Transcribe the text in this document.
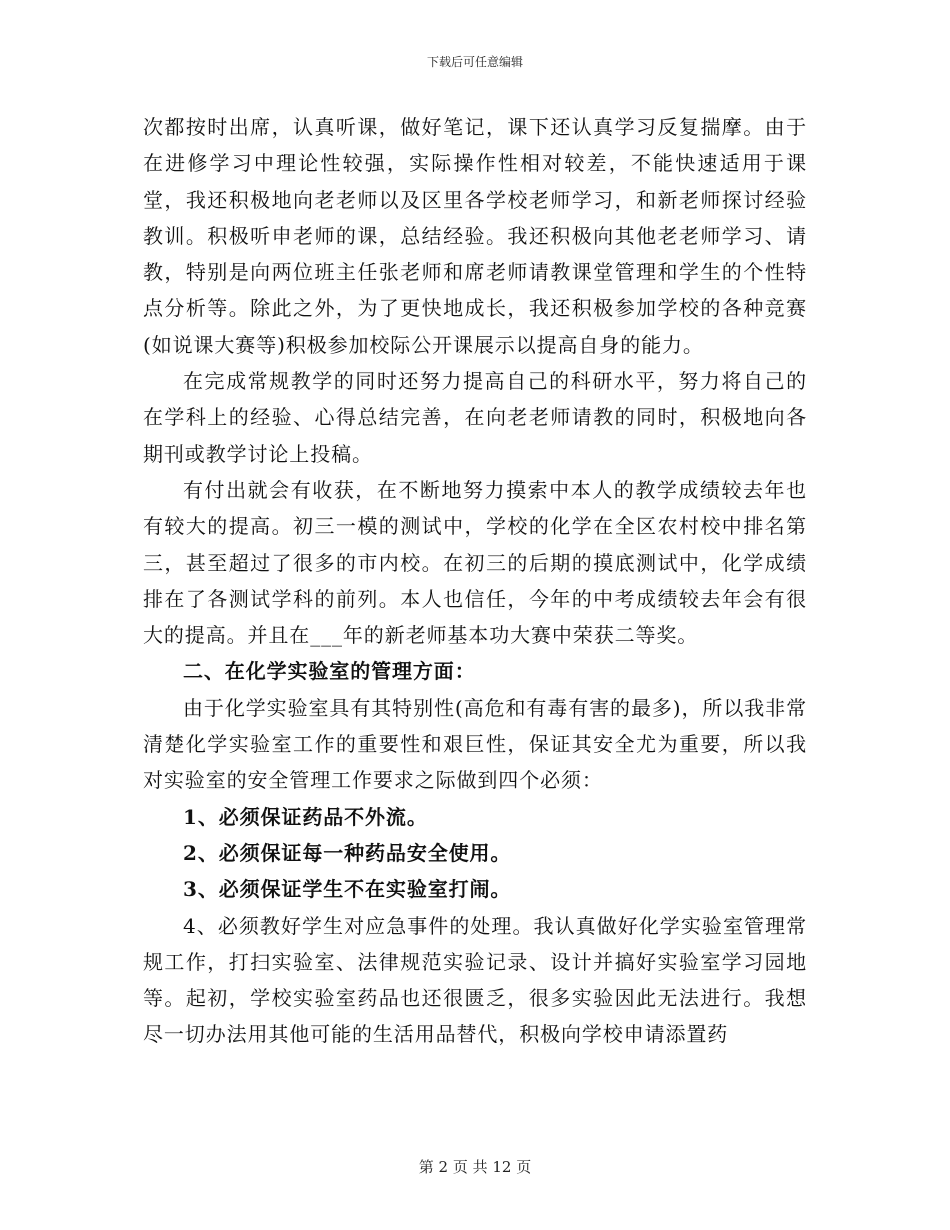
下载后可任意编辑

次都按时出席，认真听课，做好笔记，课下还认真学习反复揣摩。由于在进修学习中理论性较强，实际操作性相对较差，不能快速适用于课堂，我还积极地向老老师以及区里各学校老师学习，和新老师探讨经验教训。积极听申老师的课，总结经验。我还积极向其他老老师学习、请教，特别是向两位班主任张老师和席老师请教课堂管理和学生的个性特点分析等。除此之外，为了更快地成长，我还积极参加学校的各种竞赛(如说课大赛等)积极参加校际公开课展示以提高自身的能力。

在完成常规教学的同时还努力提高自己的科研水平，努力将自己的在学科上的经验、心得总结完善，在向老老师请教的同时，积极地向各期刊或教学讨论上投稿。

有付出就会有收获，在不断地努力摸索中本人的教学成绩较去年也有较大的提高。初三一模的测试中，学校的化学在全区农村校中排名第三，甚至超过了很多的市内校。在初三的后期的摸底测试中，化学成绩排在了各测试学科的前列。本人也信任，今年的中考成绩较去年会有很大的提高。并且在___年的新老师基本功大赛中荣获二等奖。

二、在化学实验室的管理方面：

由于化学实验室具有其特别性(高危和有毒有害的最多)，所以我非常清楚化学实验室工作的重要性和艰巨性，保证其安全尤为重要，所以我对实验室的安全管理工作要求之际做到四个必须：

1、必须保证药品不外流。

2、必须保证每一种药品安全使用。

3、必须保证学生不在实验室打闹。

4、必须教好学生对应急事件的处理。我认真做好化学实验室管理常规工作，打扫实验室、法律规范实验记录、设计并搞好实验室学习园地等。起初，学校实验室药品也还很匮乏，很多实验因此无法进行。我想尽一切办法用其他可能的生活用品替代，积极向学校申请添置药

第 2 页 共 12 页
